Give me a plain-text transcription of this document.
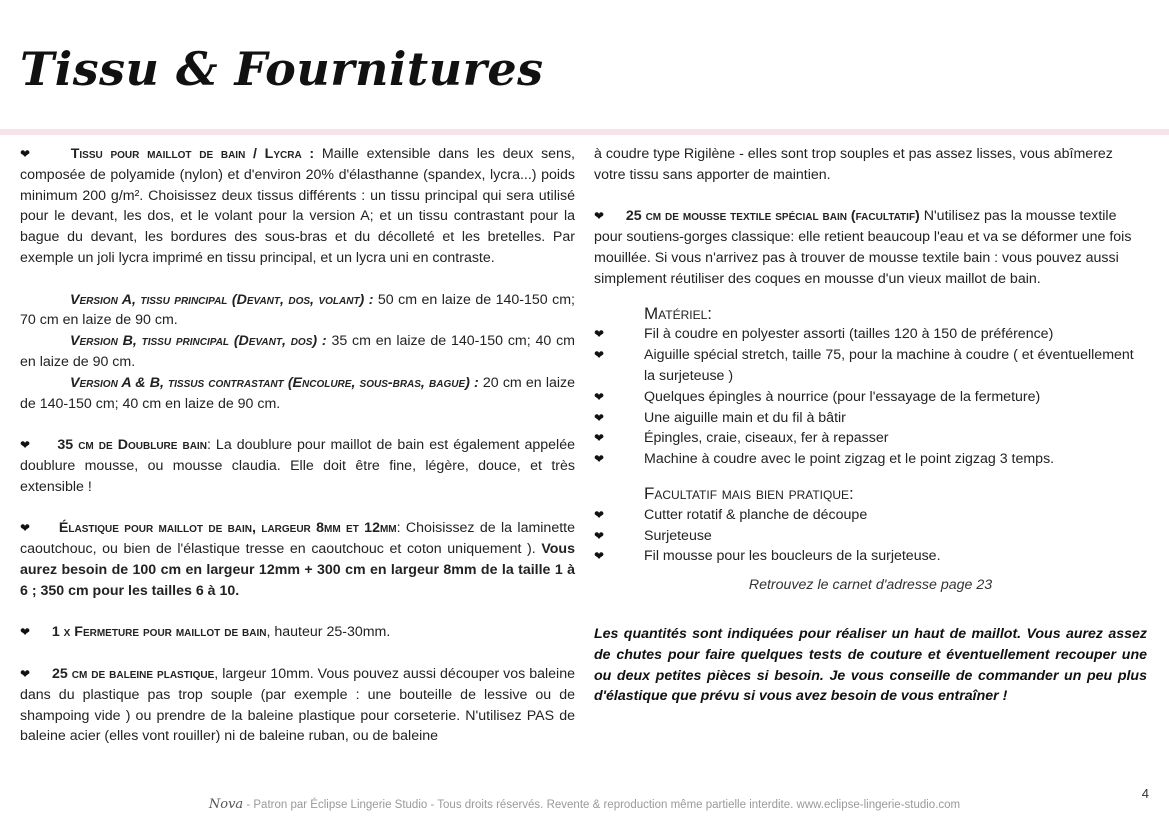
Tissu & Fournitures

❤	Tissu pour maillot de bain / Lycra : Maille extensible dans les deux sens, composée de polyamide (nylon) et d'environ 20% d'élasthanne (spandex, lycra...) poids minimum 200 g/m². Choisissez deux tissus différents : un tissu principal qui sera utilisé pour le devant, les dos, et le volant pour la version A; et un tissu contrastant pour la bague du devant, les bordures des sous-bras et du décolleté et les bretelles. Par exemple un joli lycra imprimé en tissu principal, et un lycra uni en contraste.

Version A, tissu principal (Devant, dos, volant) : 50 cm en laize de 140-150 cm; 70 cm en laize de 90 cm.

Version B, tissu principal (Devant, dos) : 35 cm en laize de 140-150 cm; 40 cm en laize de 90 cm.

Version A & B, tissus contrastant (Encolure, sous-bras, bague) : 20 cm en laize de 140-150 cm; 40 cm en laize de 90 cm.

❤ 35 cm de Doublure bain: La doublure pour maillot de bain est également appelée doublure mousse, ou mousse claudia. Elle doit être fine, légère, douce, et très extensible !

❤ Élastique pour maillot de bain, largeur 8mm et 12mm: Choisissez de la laminette caoutchouc, ou bien de l'élastique tresse en caoutchouc et coton uniquement ). Vous aurez besoin de 100 cm en largeur 12mm + 300 cm en largeur 8mm de la taille 1 à 6 ; 350 cm pour les tailles 6 à 10.

❤ 1 x Fermeture pour maillot de bain, hauteur 25-30mm.

❤ 25 cm de baleine plastique, largeur 10mm. Vous pouvez aussi découper vos baleine dans du plastique pas trop souple (par exemple : une bouteille de lessive ou de shampoing vide ) ou prendre de la baleine plastique pour corseterie. N'utilisez PAS de baleine acier (elles vont rouiller) ni de baleine ruban, ou de baleine

à coudre type Rigilène - elles sont trop souples et pas assez lisses, vous abîmerez votre tissu sans apporter de maintien.

❤ 25 cm de mousse textile spécial bain (facultatif) N'utilisez pas la mousse textile pour soutiens-gorges classique: elle retient beaucoup l'eau et va se déformer une fois mouillée. Si vous n'arrivez pas à trouver de mousse textile bain : vous pouvez aussi simplement réutiliser des coques en mousse d'un vieux maillot de bain.

Matériel:
❤	Fil à coudre en polyester assorti (tailles 120 à 150 de préférence)
❤	Aiguille spécial stretch, taille 75, pour la machine à coudre ( et éventuellement la surjeteuse )
❤	Quelques épingles à nourrice (pour l'essayage de la fermeture)
❤	Une aiguille main et du fil à bâtir
❤	Épingles, craie, ciseaux, fer à repasser
❤	Machine à coudre avec le point zigzag et le point zigzag 3 temps.
Facultatif mais bien pratique:
❤	Cutter rotatif & planche de découpe
❤	Surjeteuse
❤	Fil mousse pour les boucleurs de la surjeteuse.

Retrouvez le carnet d'adresse page 23

Les quantités sont indiquées pour réaliser un haut de maillot. Vous aurez assez de chutes pour faire quelques tests de couture et éventuellement recouper une ou deux petites pièces si besoin. Je vous conseille de commander un peu plus d'élastique que prévu si vous avez besoin de vous entraîner !

4
Nova - Patron par Éclipse Lingerie Studio - Tous droits réservés. Revente & reproduction même partielle interdite. www.eclipse-lingerie-studio.com
